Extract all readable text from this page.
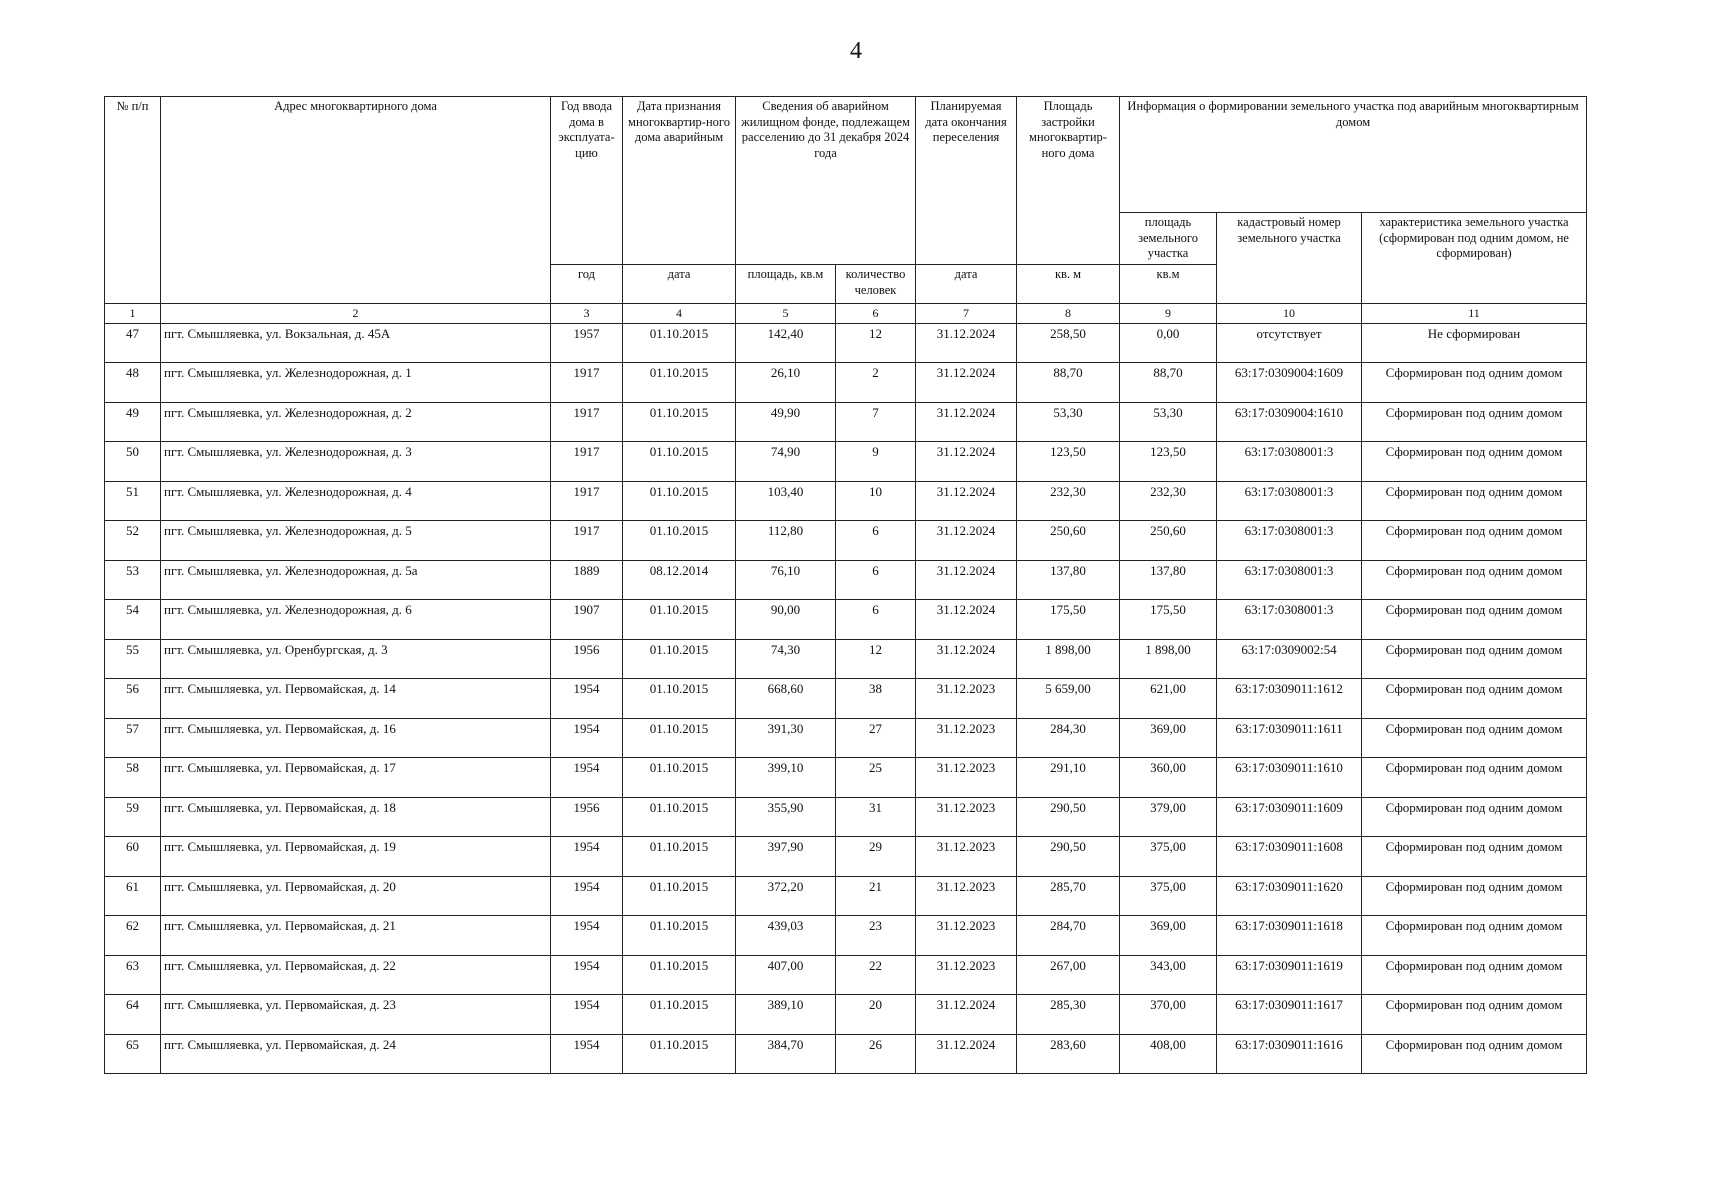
4
№ п/п	Адрес многоквартирного дома	Год ввода дома в эксплуата-цию	Дата признания многоквартир-ного дома аварийным	Сведения об аварийном жилищном фонде, подлежащем расселению до 31 декабря 2024 года		Планируемая дата окончания переселения	Площадь застройки многоквартир-ного дома	Информация о формировании земельного участка под аварийным многоквартирным домом		
								площадь земельного участка	кадастровый номер земельного участка	характеристика земельного участка (сформирован под одним домом, не сформирован)
		год	дата	площадь, кв.м	количество человек	дата	кв. м	кв.м		
1	2	3	4	5	6	7	8	9	10	11
47	пгт. Смышляевка, ул. Вокзальная, д. 45А	1957	01.10.2015	142,40	12	31.12.2024	258,50	0,00	отсутствует	Не сформирован
48	пгт. Смышляевка, ул. Железнодорожная, д. 1	1917	01.10.2015	26,10	2	31.12.2024	88,70	88,70	63:17:0309004:1609	Сформирован под одним домом
49	пгт. Смышляевка, ул. Железнодорожная, д. 2	1917	01.10.2015	49,90	7	31.12.2024	53,30	53,30	63:17:0309004:1610	Сформирован под одним домом
50	пгт. Смышляевка, ул. Железнодорожная, д. 3	1917	01.10.2015	74,90	9	31.12.2024	123,50	123,50	63:17:0308001:3	Сформирован под одним домом
51	пгт. Смышляевка, ул. Железнодорожная, д. 4	1917	01.10.2015	103,40	10	31.12.2024	232,30	232,30	63:17:0308001:3	Сформирован под одним домом
52	пгт. Смышляевка, ул. Железнодорожная, д. 5	1917	01.10.2015	112,80	6	31.12.2024	250,60	250,60	63:17:0308001:3	Сформирован под одним домом
53	пгт. Смышляевка, ул. Железнодорожная, д. 5а	1889	08.12.2014	76,10	6	31.12.2024	137,80	137,80	63:17:0308001:3	Сформирован под одним домом
54	пгт. Смышляевка, ул. Железнодорожная, д. 6	1907	01.10.2015	90,00	6	31.12.2024	175,50	175,50	63:17:0308001:3	Сформирован под одним домом
55	пгт. Смышляевка, ул. Оренбургская, д. 3	1956	01.10.2015	74,30	12	31.12.2024	1 898,00	1 898,00	63:17:0309002:54	Сформирован под одним домом
56	пгт. Смышляевка, ул. Первомайская, д. 14	1954	01.10.2015	668,60	38	31.12.2023	5 659,00	621,00	63:17:0309011:1612	Сформирован под одним домом
57	пгт. Смышляевка, ул. Первомайская, д. 16	1954	01.10.2015	391,30	27	31.12.2023	284,30	369,00	63:17:0309011:1611	Сформирован под одним домом
58	пгт. Смышляевка, ул. Первомайская, д. 17	1954	01.10.2015	399,10	25	31.12.2023	291,10	360,00	63:17:0309011:1610	Сформирован под одним домом
59	пгт. Смышляевка, ул. Первомайская, д. 18	1956	01.10.2015	355,90	31	31.12.2023	290,50	379,00	63:17:0309011:1609	Сформирован под одним домом
60	пгт. Смышляевка, ул. Первомайская, д. 19	1954	01.10.2015	397,90	29	31.12.2023	290,50	375,00	63:17:0309011:1608	Сформирован под одним домом
61	пгт. Смышляевка, ул. Первомайская, д. 20	1954	01.10.2015	372,20	21	31.12.2023	285,70	375,00	63:17:0309011:1620	Сформирован под одним домом
62	пгт. Смышляевка, ул. Первомайская, д. 21	1954	01.10.2015	439,03	23	31.12.2023	284,70	369,00	63:17:0309011:1618	Сформирован под одним домом
63	пгт. Смышляевка, ул. Первомайская, д. 22	1954	01.10.2015	407,00	22	31.12.2023	267,00	343,00	63:17:0309011:1619	Сформирован под одним домом
64	пгт. Смышляевка, ул. Первомайская, д. 23	1954	01.10.2015	389,10	20	31.12.2024	285,30	370,00	63:17:0309011:1617	Сформирован под одним домом
65	пгт. Смышляевка, ул. Первомайская, д. 24	1954	01.10.2015	384,70	26	31.12.2024	283,60	408,00	63:17:0309011:1616	Сформирован под одним домом
